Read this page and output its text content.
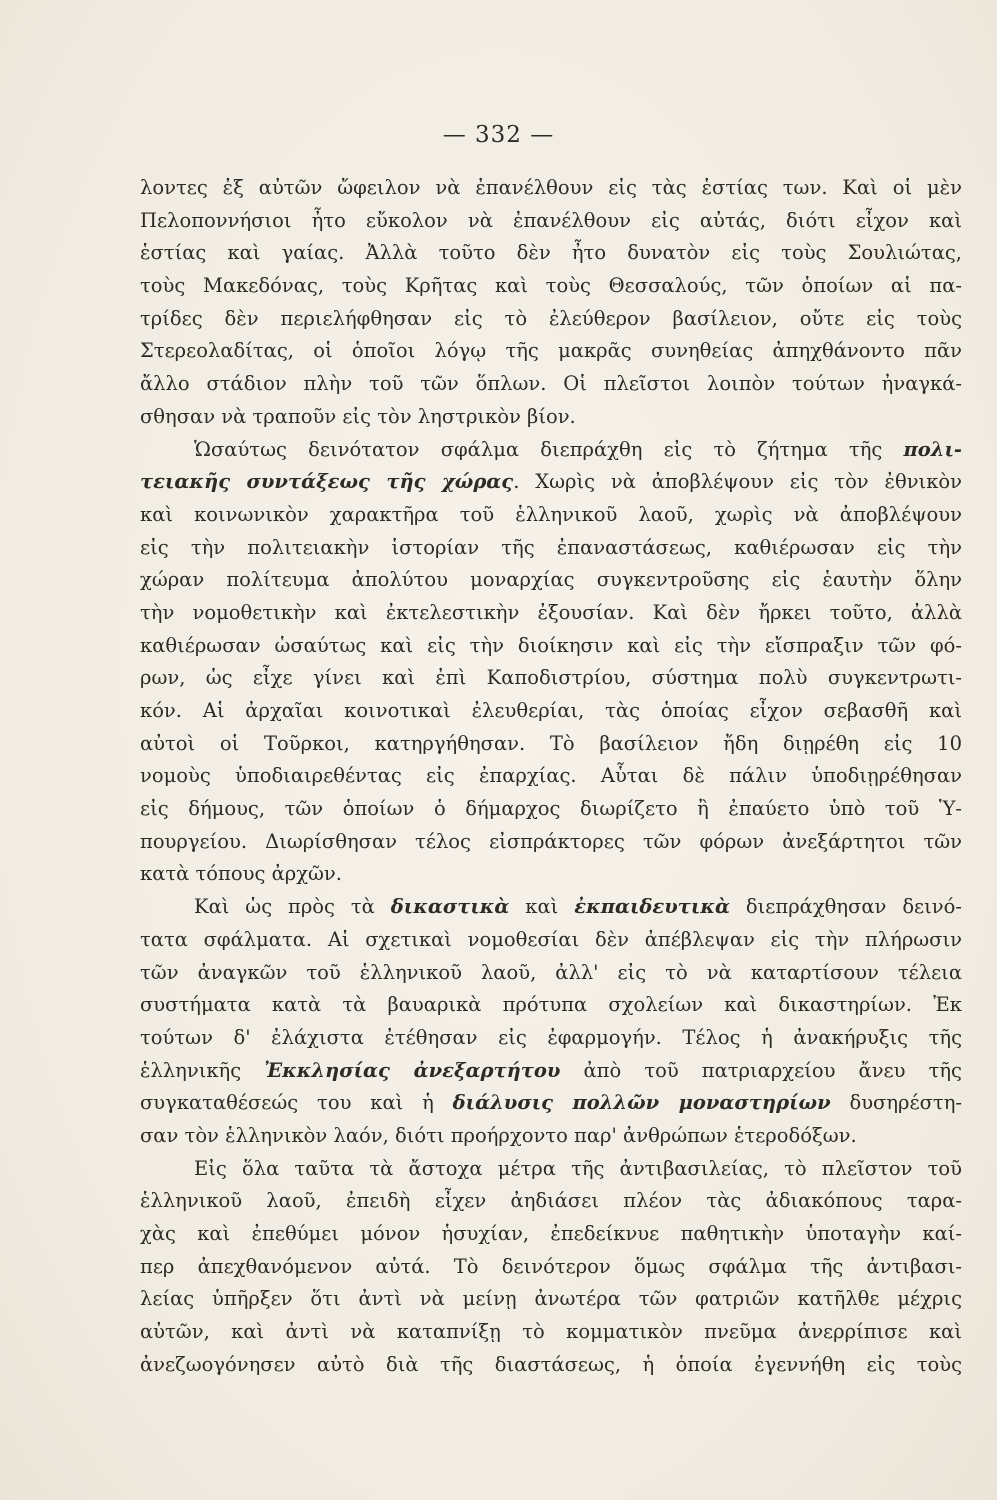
— 332 —
λοντες ἐξ αὐτῶν ὤφειλον νὰ ἐπανέλθουν εἰς τὰς ἑστίας των. Καὶ οἱ μὲν
Πελοποννήσιοι ἦτο εὔκολον νὰ ἐπανέλθουν εἰς αὐτάς, διότι εἶχον καὶ
ἑστίας καὶ γαίας. Ἀλλὰ τοῦτο δὲν ἦτο δυνατὸν εἰς τοὺς Σουλιώτας,
τοὺς Μακεδόνας, τοὺς Κρῆτας καὶ τοὺς Θεσσαλούς, τῶν ὁποίων αἱ πα-
τρίδες δὲν περιελήφθησαν εἰς τὸ ἐλεύθερον βασίλειον, οὔτε εἰς τοὺς
Στερεολαδίτας, οἱ ὁποῖοι λόγῳ τῆς μακρᾶς συνηθείας ἀπηχθάνοντο πᾶν
ἄλλο στάδιον πλὴν τοῦ τῶν ὅπλων. Οἱ πλεῖστοι λοιπὸν τούτων ἠναγκά-
σθησαν νὰ τραποῦν εἰς τὸν ληστρικὸν βίον.
Ὡσαύτως δεινότατον σφάλμα διεπράχθη εἰς τὸ ζήτημα τῆς πολι-
τειακῆς συντάξεως τῆς χώρας. Χωρὶς νὰ ἀποβλέψουν εἰς τὸν ἐθνικὸν
καὶ κοινωνικὸν χαρακτῆρα τοῦ ἑλληνικοῦ λαοῦ, χωρὶς νὰ ἀποβλέψουν
εἰς τὴν πολιτειακὴν ἱστορίαν τῆς ἐπαναστάσεως, καθιέρωσαν εἰς τὴν
χώραν πολίτευμα ἀπολύτου μοναρχίας συγκεντροῦσης εἰς ἑαυτὴν ὅλην
τὴν νομοθετικὴν καὶ ἐκτελεστικὴν ἐξουσίαν. Καὶ δὲν ἤρκει τοῦτο, ἀλλὰ
καθιέρωσαν ὡσαύτως καὶ εἰς τὴν διοίκησιν καὶ εἰς τὴν εἴσπραξιν τῶν φό-
ρων, ὡς εἶχε γίνει καὶ ἐπὶ Καποδιστρίου, σύστημα πολὺ συγκεντρωτι-
κόν. Αἱ ἀρχαῖαι κοινοτικαὶ ἐλευθερίαι, τὰς ὁποίας εἶχον σεβασθῆ καὶ
αὐτοὶ οἱ Τοῦρκοι, κατηργήθησαν. Τὸ βασίλειον ἤδη διῃρέθη εἰς 10
νομοὺς ὑποδιαιρεθέντας εἰς ἐπαρχίας. Αὗται δὲ πάλιν ὑποδιῃρέθησαν
εἰς δήμους, τῶν ὁποίων ὁ δήμαρχος διωρίζετο ἢ ἐπαύετο ὑπὸ τοῦ Ὑ-
πουργείου. Διωρίσθησαν τέλος εἰσπράκτορες τῶν φόρων ἀνεξάρτητοι τῶν
κατὰ τόπους ἀρχῶν.
Καὶ ὡς πρὸς τὰ δικαστικὰ καὶ ἐκπαιδευτικὰ διεπράχθησαν δεινό-
τατα σφάλματα. Αἱ σχετικαὶ νομοθεσίαι δὲν ἀπέβλεψαν εἰς τὴν πλήρωσιν
τῶν ἀναγκῶν τοῦ ἑλληνικοῦ λαοῦ, ἀλλ' εἰς τὸ νὰ καταρτίσουν τέλεια
συστήματα κατὰ τὰ βαυαρικὰ πρότυπα σχολείων καὶ δικαστηρίων. Ἐκ
τούτων δ' ἐλάχιστα ἐτέθησαν εἰς ἐφαρμογήν. Τέλος ἡ ἀνακήρυξις τῆς
ἑλληνικῆς Ἐκκλησίας ἀνεξαρτήτου ἀπὸ τοῦ πατριαρχείου ἄνευ τῆς
συγκαταθέσεώς του καὶ ἡ διάλυσις πολλῶν μοναστηρίων δυσηρέστη-
σαν τὸν ἑλληνικὸν λαόν, διότι προήρχοντο παρ' ἀνθρώπων ἑτεροδόξων.
Εἰς ὅλα ταῦτα τὰ ἄστοχα μέτρα τῆς ἀντιβασιλείας, τὸ πλεῖστον τοῦ
ἑλληνικοῦ λαοῦ, ἐπειδὴ εἶχεν ἀηδιάσει πλέον τὰς ἀδιακόπους ταρα-
χὰς καὶ ἐπεθύμει μόνον ἡσυχίαν, ἐπεδείκνυε παθητικὴν ὑποταγὴν καί-
περ ἀπεχθανόμενον αὐτά. Τὸ δεινότερον ὅμως σφάλμα τῆς ἀντιβασι-
λείας ὑπῆρξεν ὅτι ἀντὶ νὰ μείνῃ ἀνωτέρα τῶν φατριῶν κατῆλθε μέχρις
αὐτῶν, καὶ ἀντὶ νὰ καταπνίξῃ τὸ κομματικὸν πνεῦμα ἀνερρίπισε καὶ
ἀνεζωογόνησεν αὐτὸ διὰ τῆς διαστάσεως, ἡ ὁποία ἐγεννήθη εἰς τοὺς
